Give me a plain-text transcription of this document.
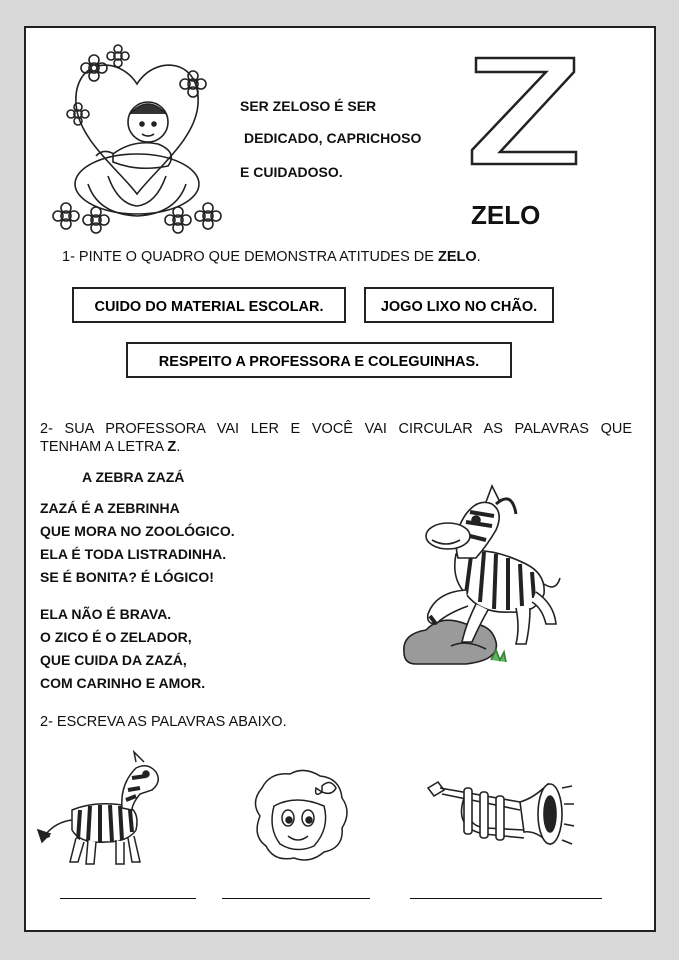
SER ZELOSO É SER
DEDICADO, CAPRICHOSO
E CUIDADOSO.
Z
ZELO
1- PINTE O QUADRO QUE DEMONSTRA ATITUDES DE ZELO.
CUIDO DO MATERIAL ESCOLAR.	JOGO LIXO NO CHÃO.
RESPEITO A PROFESSORA E COLEGUINHAS.
2- SUA PROFESSORA VAI LER E VOCÊ VAI CIRCULAR AS PALAVRAS QUE
TENHAM A LETRA Z.
A ZEBRA ZAZÁ
ZAZÁ É A ZEBRINHA
QUE MORA NO ZOOLÓGICO.
ELA É TODA LISTRADINHA.
SE É BONITA? É LÓGICO!
ELA NÃO É BRAVA.
O ZICO É O ZELADOR,
QUE CUIDA DA ZAZÁ,
COM CARINHO E AMOR.
2- ESCREVA AS PALAVRAS ABAIXO.
